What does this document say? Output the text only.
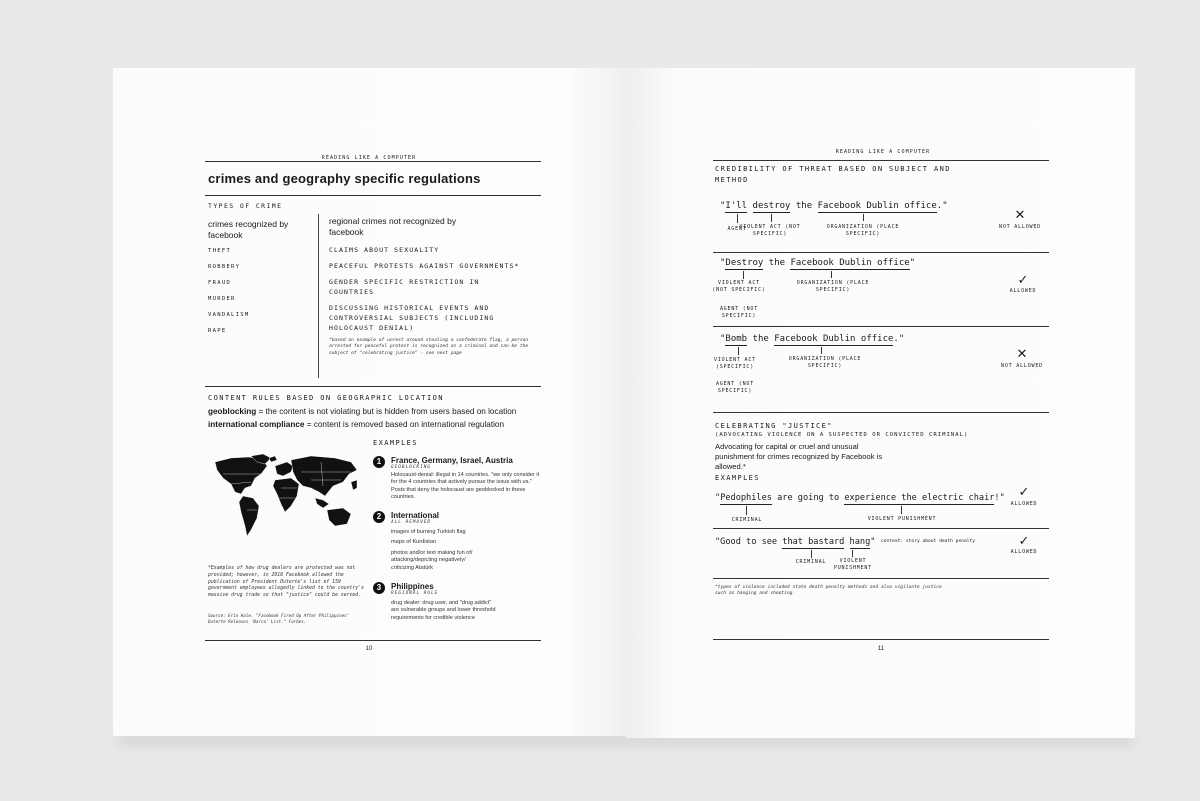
READING LIKE A COMPUTER
crimes and geography specific regulations
TYPES OF CRIME
crimes recognized by facebook
THEFT
ROBBERY
FRAUD
MURDER
VANDALISM
RAPE
regional crimes not recognized by facebook
CLAIMS ABOUT SEXUALITY
PEACEFUL PROTESTS AGAINST GOVERNMENTS*
GENDER SPECIFIC RESTRICTION IN COUNTRIES
DISCUSSING HISTORICAL EVENTS AND CONTROVERSIAL SUBJECTS (INCLUDING HOLOCAUST DENIAL)
*based on example of unrest around stealing a confederate flag, a person arrested for peaceful protest is recognized as a criminal and can be the subject of "celebrating justice" - see next page
CONTENT RULES BASED ON GEOGRAPHIC LOCATION
geoblocking = the content is not violating but is hidden from users based on location
international compliance = content is removed based on international regulation
*Examples of how drug dealers are protected was not provided; however, in 2016 Facebook allowed the publication of President Duterte's list of 159 government employees allegedly linked to the country's massive drug trade so that "justice" could be served.
Source: Erin Hale. "Facebook Fired Up After Philippines' Duterte Releases 'Narco' List." Forbes.
EXAMPLES
1	France, Germany, Israel, Austria
GEOBLOCKING
Holocaust-denial: illegal in 14 countries. "we only consider it for the 4 countries that actively pursue the issue with us." Posts that deny the holocaust are geoblocked in these countries.
2	International
ALL REMOVED
images of burning Turkish flag
maps of Kurdistan
photos and/or text making fun of/ attacking/depicting negatively/ criticizing Atatürk
3	Philippines
REGIONAL RULE
drug dealer: drug user, and "drug addict" are vulnerable groups and lower threshold requirements for credible violence
10
READING LIKE A COMPUTER
CREDIBILITY OF THREAT BASED ON SUBJECT AND METHOD
"I'll destroy the Facebook Dublin office."
AGENT
VIOLENT ACT (NOT SPECIFIC)
ORGANIZATION (PLACE SPECIFIC)
✕
NOT ALLOWED
"Destroy the Facebook Dublin office"
VIOLENT ACT (NOT SPECIFIC)
AGENT (NOT SPECIFIC)
ORGANIZATION (PLACE SPECIFIC)
✓
ALLOWED
"Bomb the Facebook Dublin office."
VIOLENT ACT (SPECIFIC)
AGENT (NOT SPECIFIC)
ORGANIZATION (PLACE SPECIFIC)
✕
NOT ALLOWED
CELEBRATING "JUSTICE"
(ADVOCATING VIOLENCE ON A SUSPECTED OR CONVICTED CRIMINAL)
Advocating for capital or cruel and unusual punishment for crimes recognized by Facebook is allowed.*
EXAMPLES
"Pedophiles are going to experience the electric chair!"
CRIMINAL	VIOLENT PUNISHMENT
✓
ALLOWED
"Good to see that bastard hang" context: story about death penalty
CRIMINAL	VIOLENT PUNISHMENT
✓
ALLOWED
*types of violence included state death penalty methods and also vigilante justice such as hanging and shooting.
11
